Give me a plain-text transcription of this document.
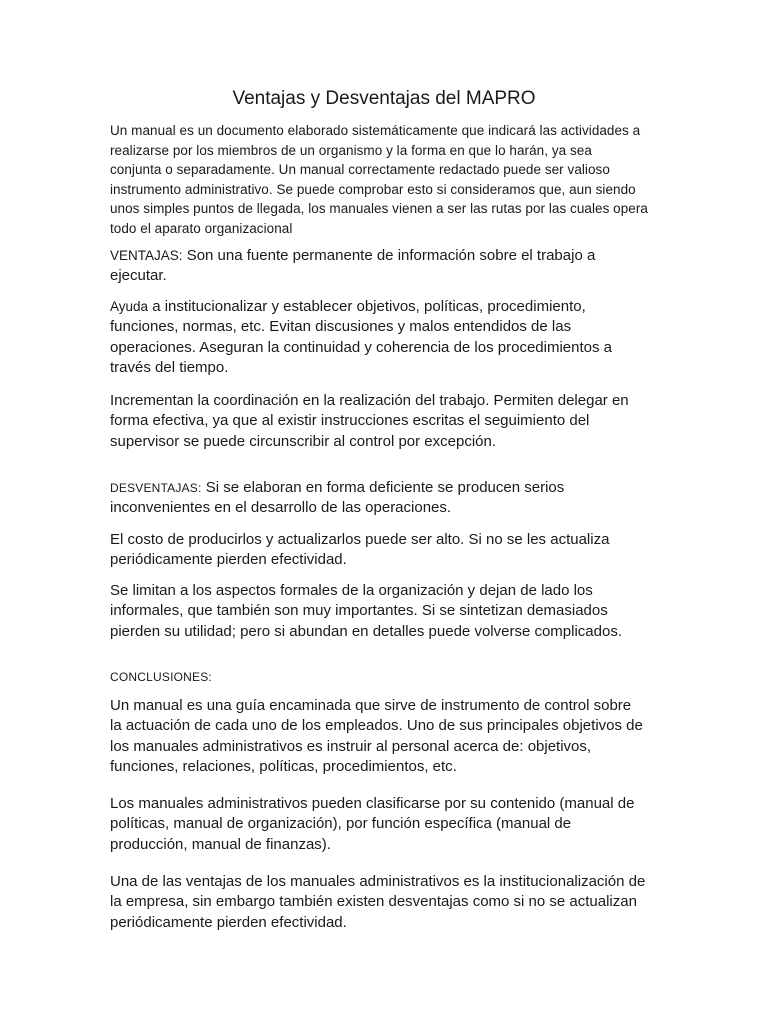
Ventajas y Desventajas del MAPRO
Un manual es un documento elaborado sistemáticamente que indicará las actividades a
realizarse por los miembros de un organismo y la forma en que lo harán, ya sea
conjunta o separadamente. Un manual correctamente redactado puede ser valioso
instrumento administrativo. Se puede comprobar esto si consideramos que, aun siendo
unos simples puntos de llegada, los manuales vienen a ser las rutas por las cuales opera
todo el aparato organizacional
VENTAJAS: Son una fuente permanente de información sobre el trabajo a
ejecutar.
Ayuda a institucionalizar y establecer objetivos, políticas, procedimiento,
funciones, normas, etc. Evitan discusiones y malos entendidos de las
operaciones. Aseguran la continuidad y coherencia de los procedimientos a
través del tiempo.
Incrementan la coordinación en la realización del trabajo. Permiten delegar en
forma efectiva, ya que al existir instrucciones escritas el seguimiento del
supervisor se puede circunscribir al control por excepción.
DESVENTAJAS: Si se elaboran en forma deficiente se producen serios
inconvenientes en el desarrollo de las operaciones.
El costo de producirlos y actualizarlos puede ser alto. Si no se les actualiza
periódicamente pierden efectividad.
Se limitan a los aspectos formales de la organización y dejan de lado los
informales, que también son muy importantes. Si se sintetizan demasiados
pierden su utilidad; pero si abundan en detalles puede volverse complicados.
CONCLUSIONES:
Un manual es una guía encaminada que sirve de instrumento de control sobre
la actuación de cada uno de los empleados. Uno de sus principales objetivos de
los manuales administrativos es instruir al personal acerca de: objetivos,
funciones, relaciones, políticas, procedimientos, etc.
Los manuales administrativos pueden clasificarse por su contenido (manual de
políticas, manual de organización), por función específica (manual de
producción, manual de finanzas).
Una de las ventajas de los manuales administrativos es la institucionalización de
la empresa, sin embargo también existen desventajas como si no se actualizan
periódicamente pierden efectividad.
